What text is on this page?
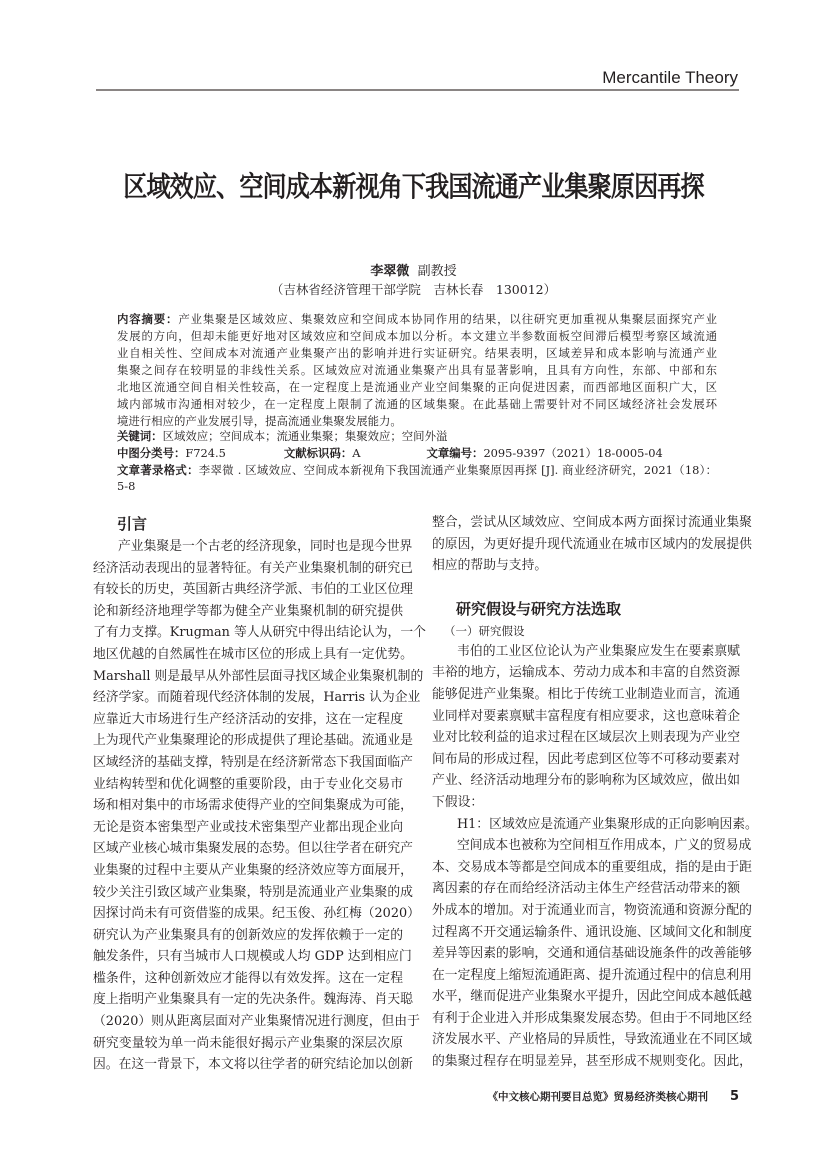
Mercantile Theory
区域效应、空间成本新视角下我国流通产业集聚原因再探
李翠微 副教授
（吉林省经济管理干部学院　吉林长春　130012）
内容摘要：产业集聚是区域效应、集聚效应和空间成本协同作用的结果，以往研究更加重视从集聚层面探究产业
发展的方向，但却未能更好地对区域效应和空间成本加以分析。本文建立半参数面板空间滞后模型考察区域流通
业自相关性、空间成本对流通产业集聚产出的影响并进行实证研究。结果表明，区域差异和成本影响与流通产业
集聚之间存在较明显的非线性关系。区域效应对流通业集聚产出具有显著影响，且具有方向性，东部、中部和东
北地区流通空间自相关性较高，在一定程度上是流通业产业空间集聚的正向促进因素，而西部地区面积广大，区
域内部城市沟通相对较少，在一定程度上限制了流通的区域集聚。在此基础上需要针对不同区域经济社会发展环
境进行相应的产业发展引导，提高流通业集聚发展能力。
关键词：区域效应；空间成本；流通业集聚；集聚效应；空间外溢
中图分类号：F724.5	文献标识码：A	文章编号：2095-9397（2021）18-0005-04
文章著录格式：李翠微 . 区域效应、空间成本新视角下我国流通产业集聚原因再探 [J]. 商业经济研究，2021（18）：
5-8
引言
产业集聚是一个古老的经济现象，同时也是现今世界
经济活动表现出的显著特征。有关产业集聚机制的研究已
有较长的历史，英国新古典经济学派、韦伯的工业区位理
论和新经济地理学等都为健全产业集聚机制的研究提供
了有力支撑。Krugman 等人从研究中得出结论认为，一个
地区优越的自然属性在城市区位的形成上具有一定优势。
Marshall 则是最早从外部性层面寻找区域企业集聚机制的
经济学家。而随着现代经济体制的发展，Harris 认为企业
应靠近大市场进行生产经济活动的安排，这在一定程度
上为现代产业集聚理论的形成提供了理论基础。流通业是
区域经济的基础支撑，特别是在经济新常态下我国面临产
业结构转型和优化调整的重要阶段，由于专业化交易市
场和相对集中的市场需求使得产业的空间集聚成为可能，
无论是资本密集型产业或技术密集型产业都出现企业向
区域产业核心城市集聚发展的态势。但以往学者在研究产
业集聚的过程中主要从产业集聚的经济效应等方面展开，
较少关注引致区域产业集聚，特别是流通业产业集聚的成
因探讨尚未有可资借鉴的成果。纪玉俊、孙红梅（2020）
研究认为产业集聚具有的创新效应的发挥依赖于一定的
触发条件，只有当城市人口规模或人均 GDP 达到相应门
槛条件，这种创新效应才能得以有效发挥。这在一定程
度上指明产业集聚具有一定的先决条件。魏海涛、肖天聪
（2020）则从距离层面对产业集聚情况进行测度，但由于
研究变量较为单一尚未能很好揭示产业集聚的深层次原
因。在这一背景下，本文将以往学者的研究结论加以创新
整合，尝试从区域效应、空间成本两方面探讨流通业集聚
的原因，为更好提升现代流通业在城市区域内的发展提供
相应的帮助与支持。
研究假设与研究方法选取
（一）研究假设
韦伯的工业区位论认为产业集聚应发生在要素禀赋
丰裕的地方，运输成本、劳动力成本和丰富的自然资源
能够促进产业集聚。相比于传统工业制造业而言，流通
业同样对要素禀赋丰富程度有相应要求，这也意味着企
业对比较利益的追求过程在区域层次上则表现为产业空
间布局的形成过程，因此考虑到区位等不可移动要素对
产业、经济活动地理分布的影响称为区域效应，做出如
下假设：
H1：区域效应是流通产业集聚形成的正向影响因素。
空间成本也被称为空间相互作用成本，广义的贸易成
本、交易成本等都是空间成本的重要组成，指的是由于距
离因素的存在而给经济活动主体生产经营活动带来的额
外成本的增加。对于流通业而言，物资流通和资源分配的
过程离不开交通运输条件、通讯设施、区域间文化和制度
差异等因素的影响，交通和通信基础设施条件的改善能够
在一定程度上缩短流通距离、提升流通过程中的信息利用
水平，继而促进产业集聚水平提升，因此空间成本越低越
有利于企业进入并形成集聚发展态势。但由于不同地区经
济发展水平、产业格局的异质性，导致流通业在不同区域
的集聚过程存在明显差异，甚至形成不规则变化。因此，
《中文核心期刊要目总览》贸易经济类核心期刊 5
